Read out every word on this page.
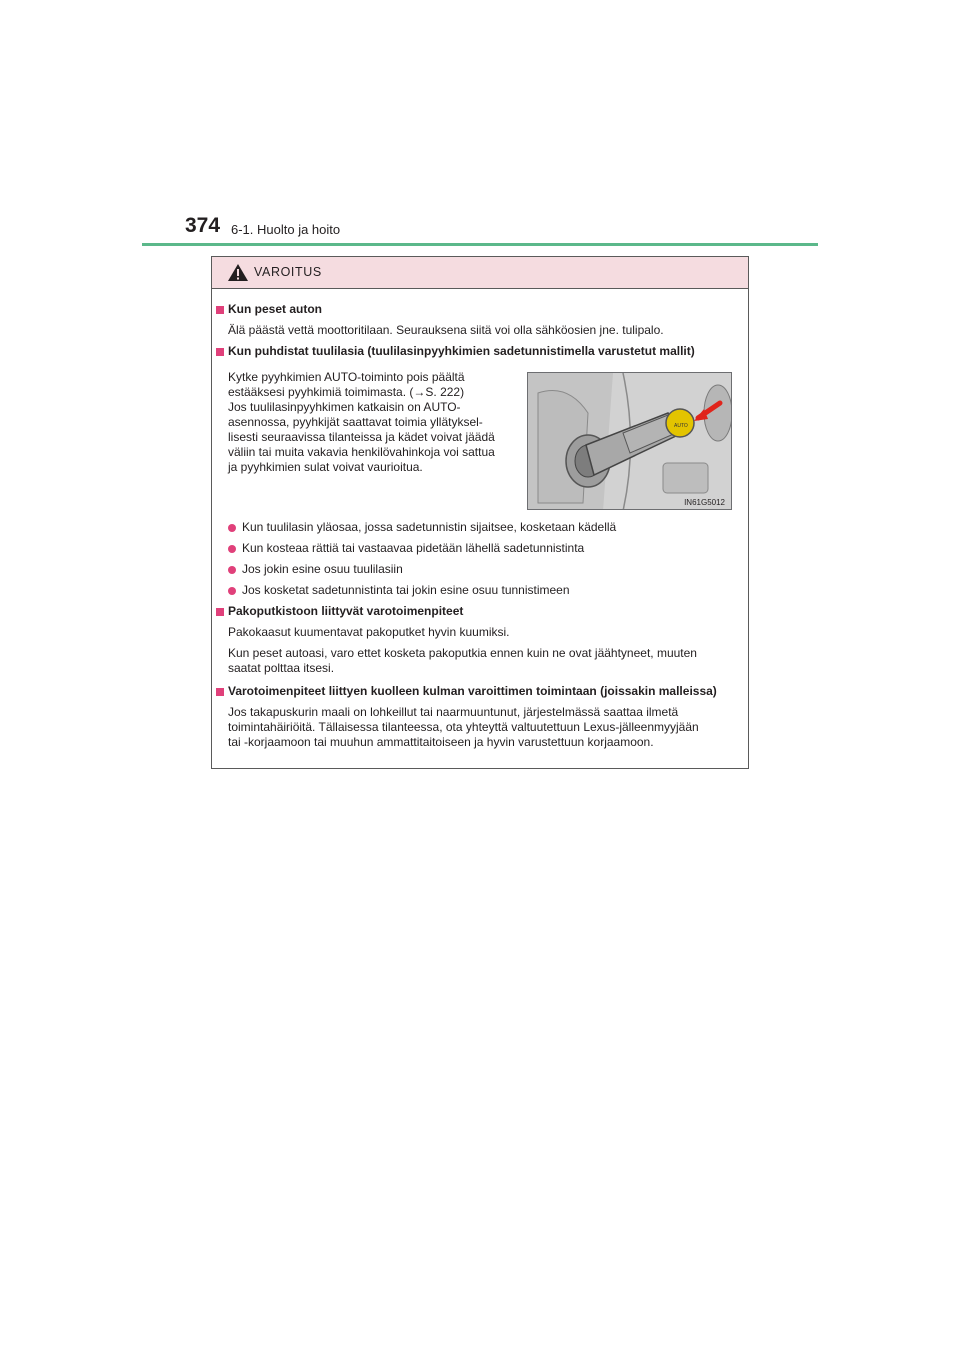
374 6-1. Huolto ja hoito
VAROITUS
Kun peset auton
Älä päästä vettä moottoritilaan. Seurauksena siitä voi olla sähköosien jne. tulipalo.
Kun puhdistat tuulilasia (tuulilasinpyyhkimien sadetunnistimella varustetut mallit)
Kytke pyyhkimien AUTO-toiminto pois päältä
estääksesi pyyhkimiä toimimasta. (→S. 222)
Jos tuulilasinpyyhkimen katkaisin on AUTO-
asennossa, pyyhkijät saattavat toimia yllätyksel-
lisesti seuraavissa tilanteissa ja kädet voivat jäädä
väliin tai muita vakavia henkilövahinkoja voi sattua
ja pyyhkimien sulat voivat vaurioitua.
AUTO
IN61G5012
Kun tuulilasin yläosaa, jossa sadetunnistin sijaitsee, kosketaan kädellä
Kun kosteaa rättiä tai vastaavaa pidetään lähellä sadetunnistinta
Jos jokin esine osuu tuulilasiin
Jos kosketat sadetunnistinta tai jokin esine osuu tunnistimeen
Pakoputkistoon liittyvät varotoimenpiteet
Pakokaasut kuumentavat pakoputket hyvin kuumiksi.
Kun peset autoasi, varo ettet kosketa pakoputkia ennen kuin ne ovat jäähtyneet, muuten
saatat polttaa itsesi.
Varotoimenpiteet liittyen kuolleen kulman varoittimen toimintaan (joissakin malleissa)
Jos takapuskurin maali on lohkeillut tai naarmuuntunut, järjestelmässä saattaa ilmetä
toimintahäiriöitä. Tällaisessa tilanteessa, ota yhteyttä valtuutettuun Lexus-jälleenmyyjään
tai -korjaamoon tai muuhun ammattitaitoiseen ja hyvin varustettuun korjaamoon.
